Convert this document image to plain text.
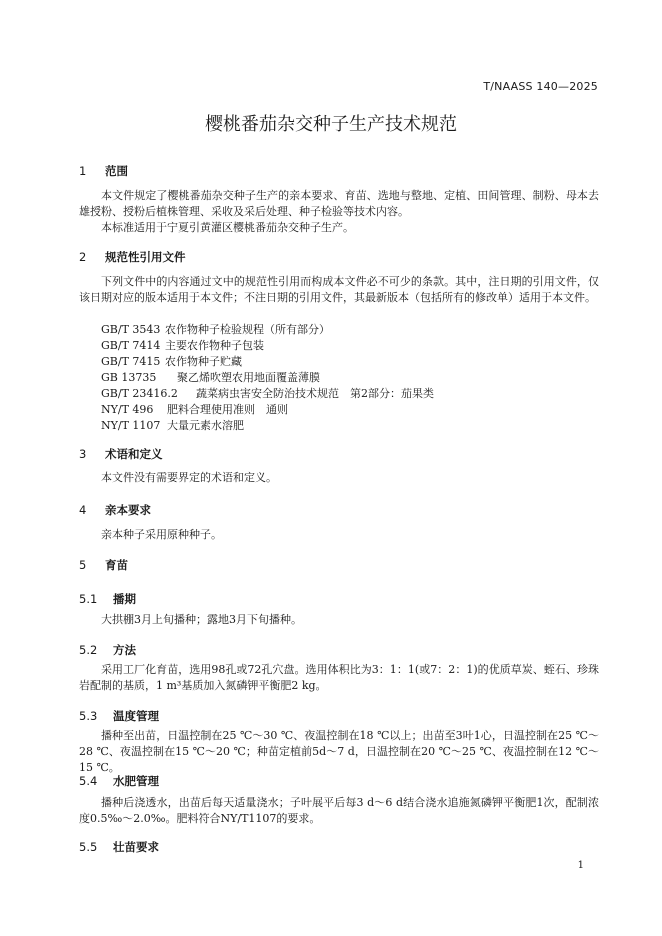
T/NAASS 140—2025
樱桃番茄杂交种子生产技术规范
1 范围

本文件规定了樱桃番茄杂交种子生产的亲本要求、育苗、选地与整地、定植、田间管理、制粉、母本去雄授粉、授粉后植株管理、采收及采后处理、种子检验等技术内容。

本标准适用于宁夏引黄灌区樱桃番茄杂交种子生产。

2 规范性引用文件

下列文件中的内容通过文中的规范性引用而构成本文件必不可少的条款。其中，注日期的引用文件，仅该日期对应的版本适用于本文件；不注日期的引用文件，其最新版本（包括所有的修改单）适用于本文件。

GB/T 3543 农作物种子检验规程（所有部分）

GB/T 7414 主要农作物种子包装

GB/T 7415 农作物种子贮藏

GB 13735 聚乙烯吹塑农用地面覆盖薄膜

GB/T 23416.2 蔬菜病虫害安全防治技术规范　第2部分：茄果类

NY/T 496 肥料合理使用准则　通则

NY/T 1107 大量元素水溶肥

3 术语和定义

本文件没有需要界定的术语和定义。

4 亲本要求

亲本种子采用原种种子。

5 育苗
5.1 播期

大拱棚3月上旬播种；露地3月下旬播种。

5.2 方法

采用工厂化育苗，选用98孔或72孔穴盘。选用体积比为3：1：1(或7：2：1)的优质草炭、蛭石、珍珠岩配制的基质，1 m³基质加入氮磷钾平衡肥2 kg。

5.3 温度管理

播种至出苗，日温控制在25 ℃～30 ℃、夜温控制在18 ℃以上；出苗至3叶1心，日温控制在25 ℃～28 ℃、夜温控制在15 ℃～20 ℃；种苗定植前5d～7 d，日温控制在20 ℃～25 ℃、夜温控制在12 ℃～15 ℃。

5.4 水肥管理

播种后浇透水，出苗后每天适量浇水；子叶展平后每3 d～6 d结合浇水追施氮磷钾平衡肥1次，配制浓度0.5‰～2.0‰。肥料符合NY/T1107的要求。

5.5 壮苗要求
1
